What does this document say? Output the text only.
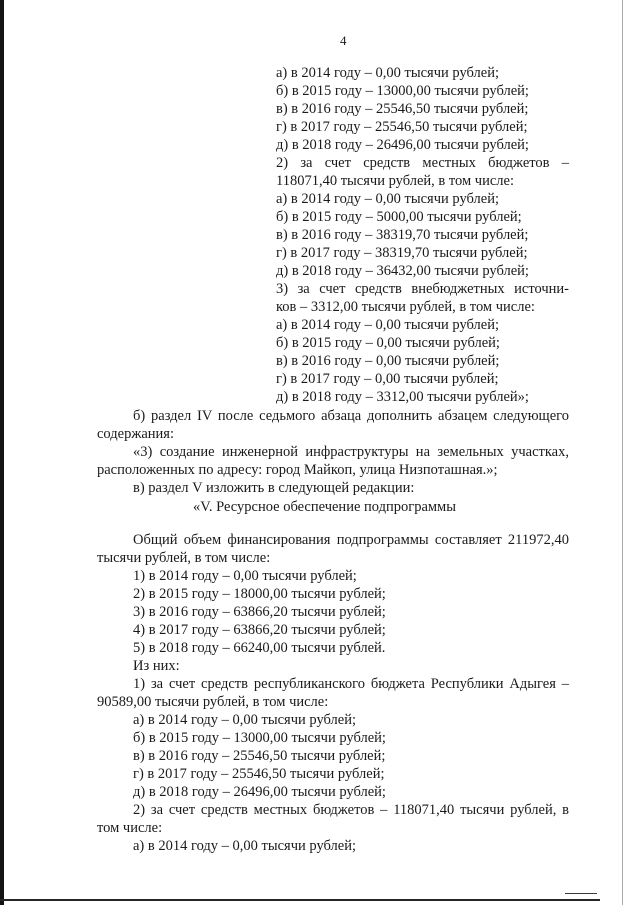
4
а) в 2014 году – 0,00 тысячи рублей;
б) в 2015 году – 13000,00 тысячи рублей;
в) в 2016 году – 25546,50 тысячи рублей;
г) в 2017 году – 25546,50 тысячи рублей;
д) в 2018 году – 26496,00 тысячи рублей;
2) за счет средств местных бюджетов –
118071,40 тысячи рублей, в том числе:
а) в 2014 году – 0,00 тысячи рублей;
б) в 2015 году – 5000,00 тысячи рублей;
в) в 2016 году – 38319,70 тысячи рублей;
г) в 2017 году – 38319,70 тысячи рублей;
д) в 2018 году – 36432,00 тысячи рублей;
3) за счет средств внебюджетных источни-
ков – 3312,00 тысячи рублей, в том числе:
а) в 2014 году – 0,00 тысячи рублей;
б) в 2015 году – 0,00 тысячи рублей;
в) в 2016 году – 0,00 тысячи рублей;
г) в 2017 году – 0,00 тысячи рублей;
д) в 2018 году – 3312,00 тысячи рублей»;
б) раздел IV после седьмого абзаца дополнить абзацем следующего
содержания:
«3) создание инженерной инфраструктуры на земельных участках,
расположенных по адресу: город Майкоп, улица Низпоташная.»;
в) раздел V изложить в следующей редакции:
«V. Ресурсное обеспечение подпрограммы
Общий объем финансирования подпрограммы составляет 211972,40
тысячи рублей, в том числе:
1) в 2014 году – 0,00 тысячи рублей;
2) в 2015 году – 18000,00 тысячи рублей;
3) в 2016 году – 63866,20 тысячи рублей;
4) в 2017 году – 63866,20 тысячи рублей;
5) в 2018 году – 66240,00 тысячи рублей.
Из них:
1) за счет средств республиканского бюджета Республики Адыгея –
90589,00 тысячи рублей, в том числе:
а) в 2014 году – 0,00 тысячи рублей;
б) в 2015 году – 13000,00 тысячи рублей;
в) в 2016 году – 25546,50 тысячи рублей;
г) в 2017 году – 25546,50 тысячи рублей;
д) в 2018 году – 26496,00 тысячи рублей;
2) за счет средств местных бюджетов – 118071,40 тысячи рублей, в
том числе:
а) в 2014 году – 0,00 тысячи рублей;
